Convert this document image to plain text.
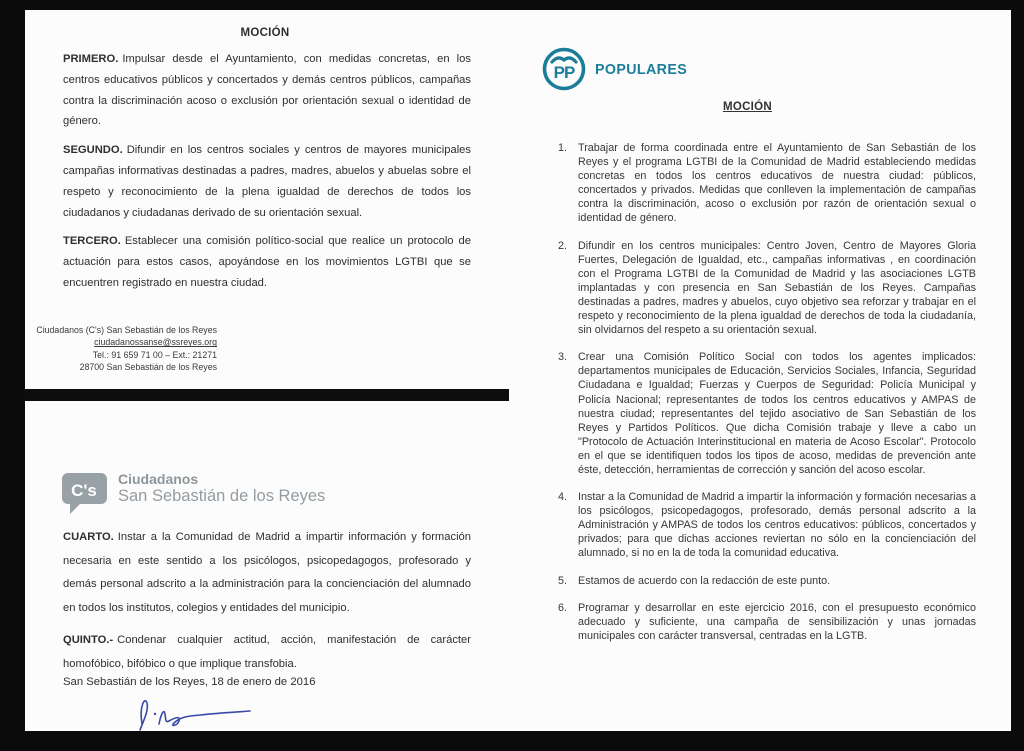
MOCIÓN

PRIMERO. Impulsar desde el Ayuntamiento, con medidas concretas, en los centros educativos públicos y concertados y demás centros públicos, campañas contra la discriminación acoso o exclusión por orientación sexual o identidad de género.

SEGUNDO. Difundir en los centros sociales y centros de mayores municipales campañas informativas destinadas a padres, madres, abuelos y abuelas sobre el respeto y reconocimiento de la plena igualdad de derechos de todos los ciudadanos y ciudadanas derivado de su orientación sexual.

TERCERO. Establecer una comisión político-social que realice un protocolo de actuación para estos casos, apoyándose en los movimientos LGTBI que se encuentren registrado en nuestra ciudad.

Ciudadanos (C's) San Sebastián de los Reyes
ciudadanossanse@ssreyes.org
Tel.: 91 659 71 00 – Ext.: 21271
28700 San Sebastián de los Reyes
C's
Ciudadanos
San Sebastián de los Reyes

CUARTO. Instar a la Comunidad de Madrid a impartir información y formación necesaria en este sentido a los psicólogos, psicopedagogos, profesorado y demás personal adscrito a la administración para la concienciación del alumnado en todos los institutos, colegios y entidades del municipio.

QUINTO.- Condenar cualquier actitud, acción, manifestación de carácter homofóbico, bifóbico o que implique transfobia.

San Sebastián de los Reyes, 18 de enero de 2016
PP POPULARES
MOCIÓN
1.	Trabajar de forma coordinada entre el Ayuntamiento de San Sebastián de los Reyes y el programa LGTBI de la Comunidad de Madrid estableciendo medidas concretas en todos los centros educativos de nuestra ciudad: públicos, concertados y privados. Medidas que conlleven la implementación de campañas contra la discriminación, acoso o exclusión por razón de orientación sexual o identidad de género.
2.	Difundir en los centros municipales: Centro Joven, Centro de Mayores Gloria Fuertes, Delegación de Igualdad, etc., campañas informativas , en coordinación con el Programa LGTBI de la Comunidad de Madrid y las asociaciones LGTB implantadas y con presencia en San Sebastián de los Reyes. Campañas destinadas a padres, madres y abuelos, cuyo objetivo sea reforzar y trabajar en el respeto y reconocimiento de la plena igualdad de derechos de toda la ciudadanía, sin olvidarnos del respeto a su orientación sexual.
3.	Crear una Comisión Político Social con todos los agentes implicados: departamentos municipales de Educación, Servicios Sociales, Infancia, Seguridad Ciudadana e Igualdad; Fuerzas y Cuerpos de Seguridad: Policía Municipal y Policía Nacional; representantes de todos los centros educativos y AMPAS de nuestra ciudad; representantes del tejido asociativo de San Sebastián de los Reyes y Partidos Políticos. Que dicha Comisión trabaje y lleve a cabo un "Protocolo de Actuación Interinstitucional en materia de Acoso Escolar". Protocolo en el que se identifiquen todos los tipos de acoso, medidas de prevención ante éste, detección, herramientas de corrección y sanción del acoso escolar.
4.	Instar a la Comunidad de Madrid a impartir la información y formación necesarias a los psicólogos, psicopedagogos, profesorado, demás personal adscrito a la Administración y AMPAS de todos los centros educativos: públicos, concertados y privados; para que dichas acciones reviertan no sólo en la concienciación del alumnado, si no en la de toda la comunidad educativa.
5.	Estamos de acuerdo con la redacción de este punto.
6.	Programar y desarrollar en este ejercicio 2016, con el presupuesto económico adecuado y suficiente, una campaña de sensibilización y unas jornadas municipales con carácter transversal, centradas en la LGTB.
